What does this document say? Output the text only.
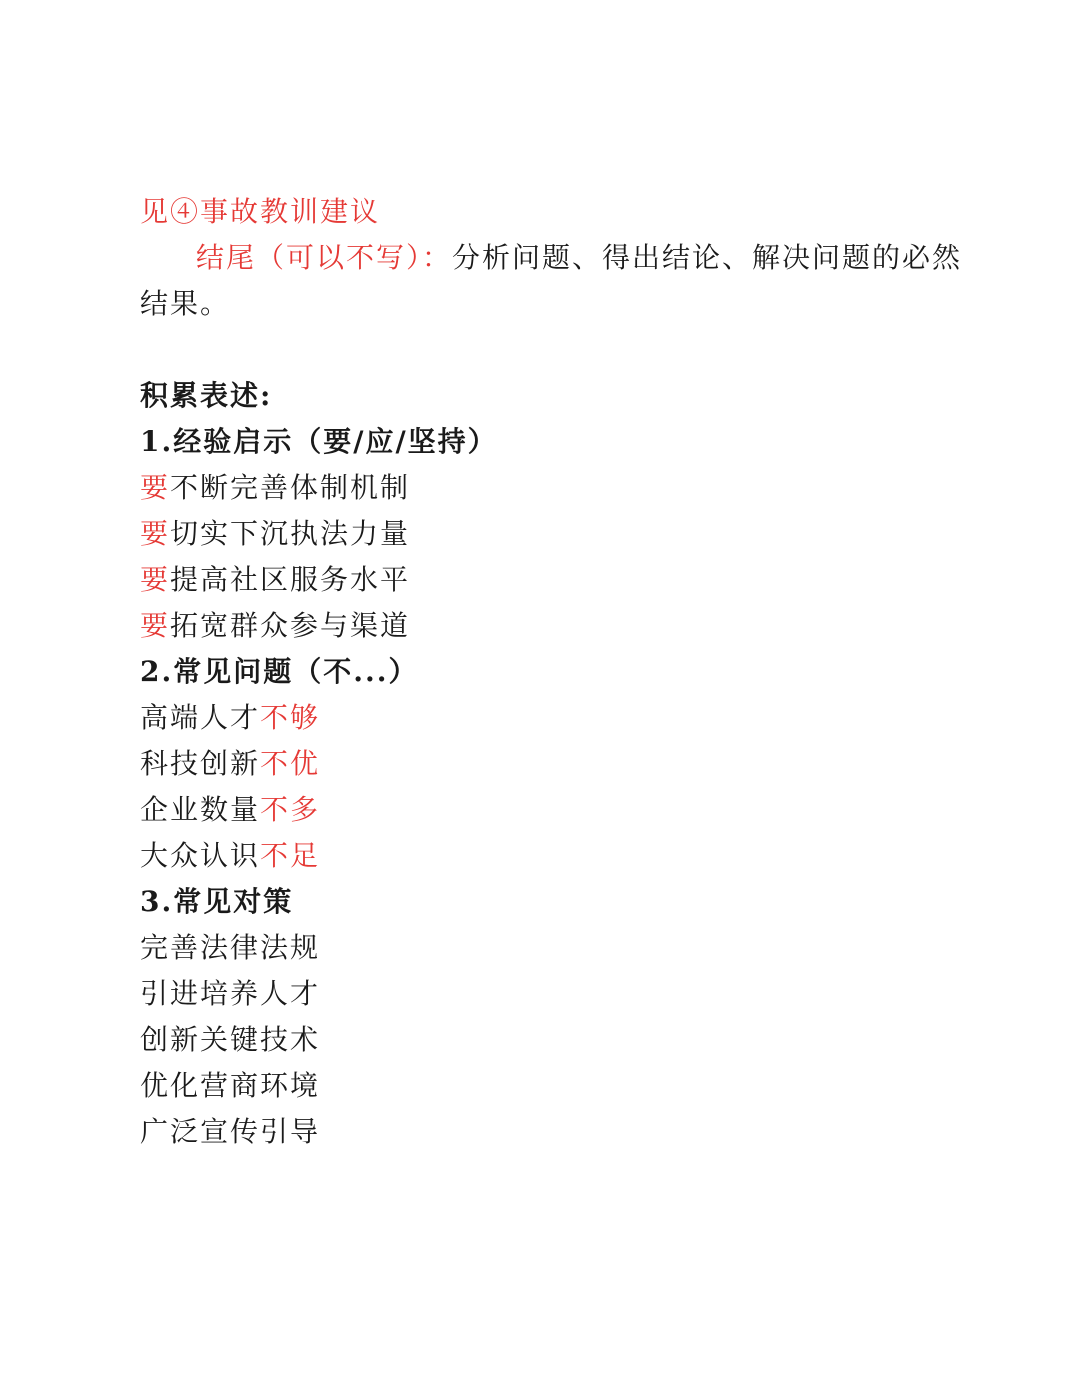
见④事故教训建议
结尾（可以不写）：分析问题、得出结论、解决问题的必然
结果。
积累表述:
1.经验启示（要/应/坚持）
要不断完善体制机制
要切实下沉执法力量
要提高社区服务水平
要拓宽群众参与渠道
2.常见问题（不...）
高端人才不够
科技创新不优
企业数量不多
大众认识不足
3.常见对策
完善法律法规
引进培养人才
创新关键技术
优化营商环境
广泛宣传引导
